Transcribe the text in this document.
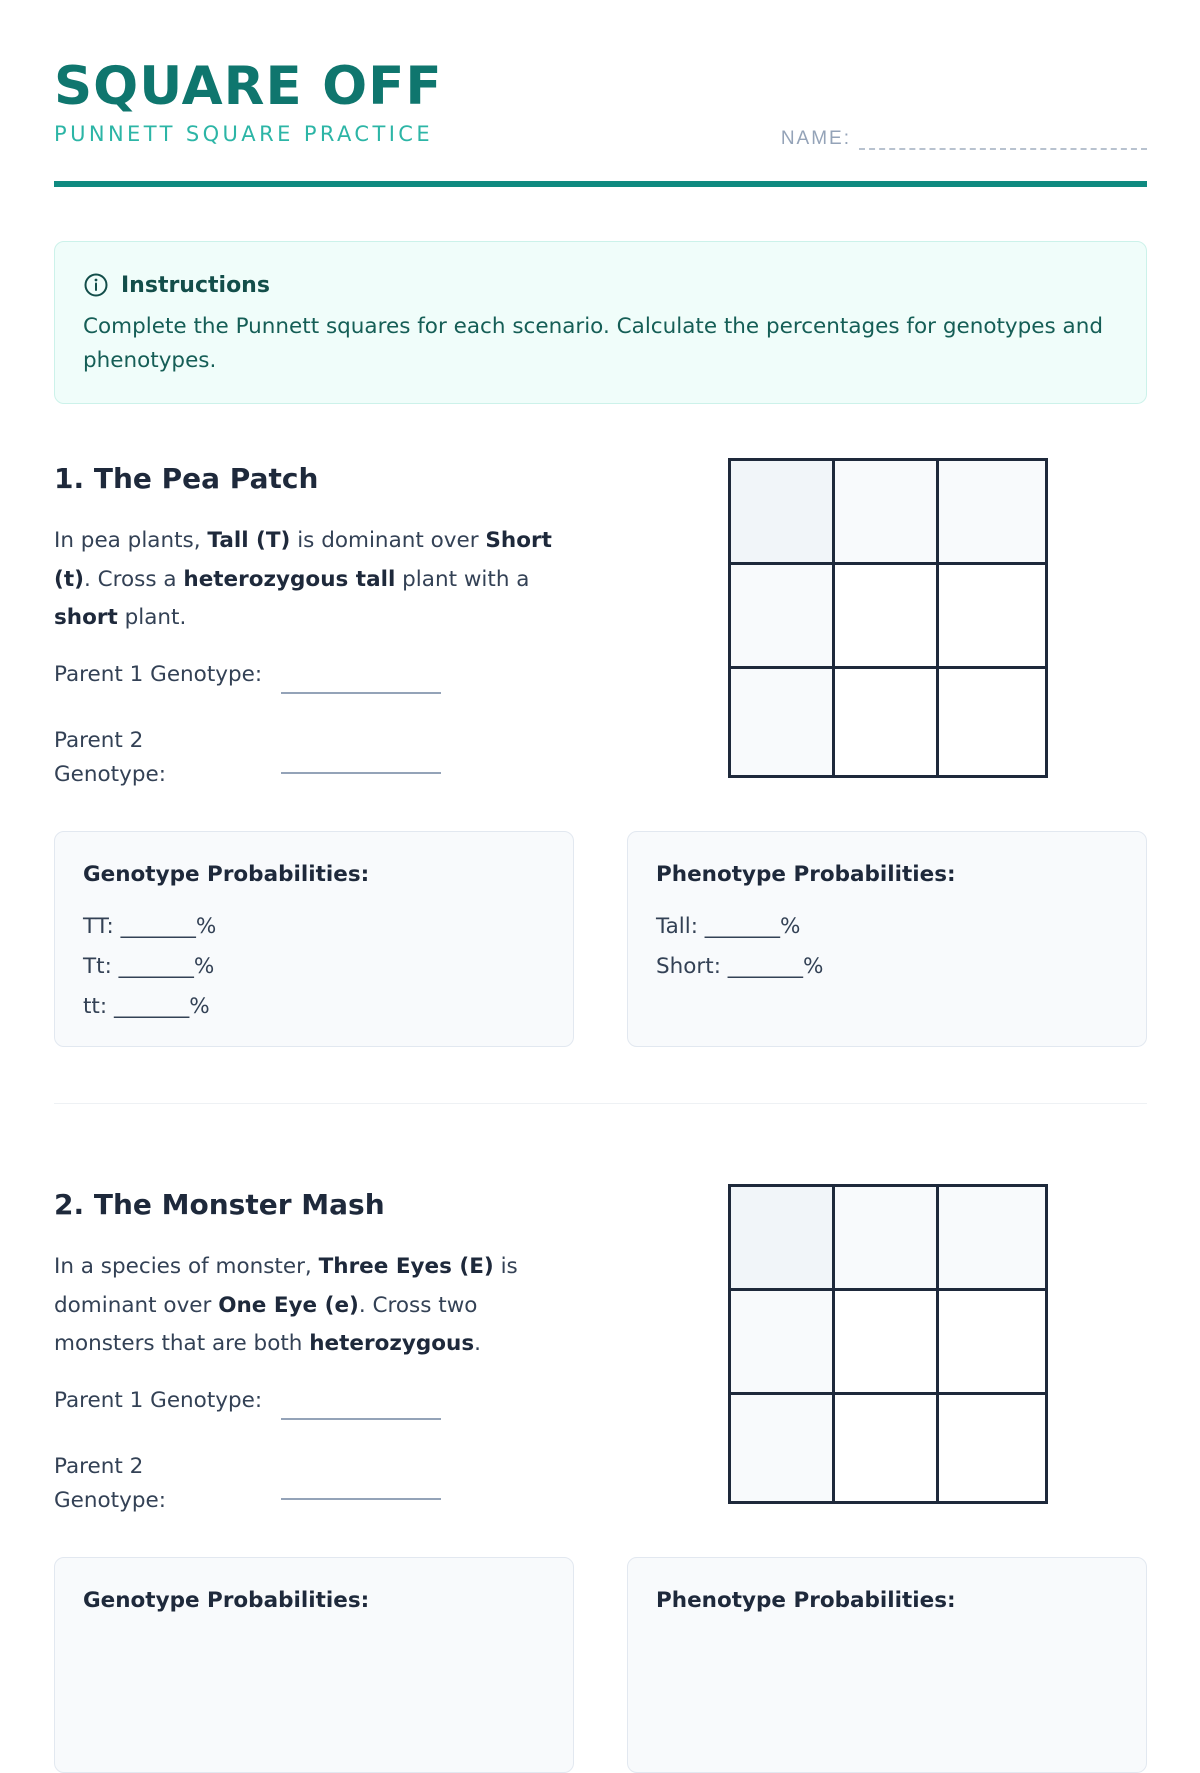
SQUARE OFF
PUNNETT SQUARE PRACTICE	NAME:
Instructions
Complete the Punnett squares for each scenario. Calculate the percentages for genotypes and phenotypes.
1. The Pea Patch
In pea plants, Tall (T) is dominant over Short (t). Cross a heterozygous tall plant with a short plant.
Parent 1 Genotype:
Parent 2 Genotype:
Genotype Probabilities:
TT: _______%
Tt: _______%
tt: _______%
Phenotype Probabilities:
Tall: _______%
Short: _______%
2. The Monster Mash
In a species of monster, Three Eyes (E) is dominant over One Eye (e). Cross two monsters that are both heterozygous.
Parent 1 Genotype:
Parent 2 Genotype:
Genotype Probabilities:	Phenotype Probabilities:
